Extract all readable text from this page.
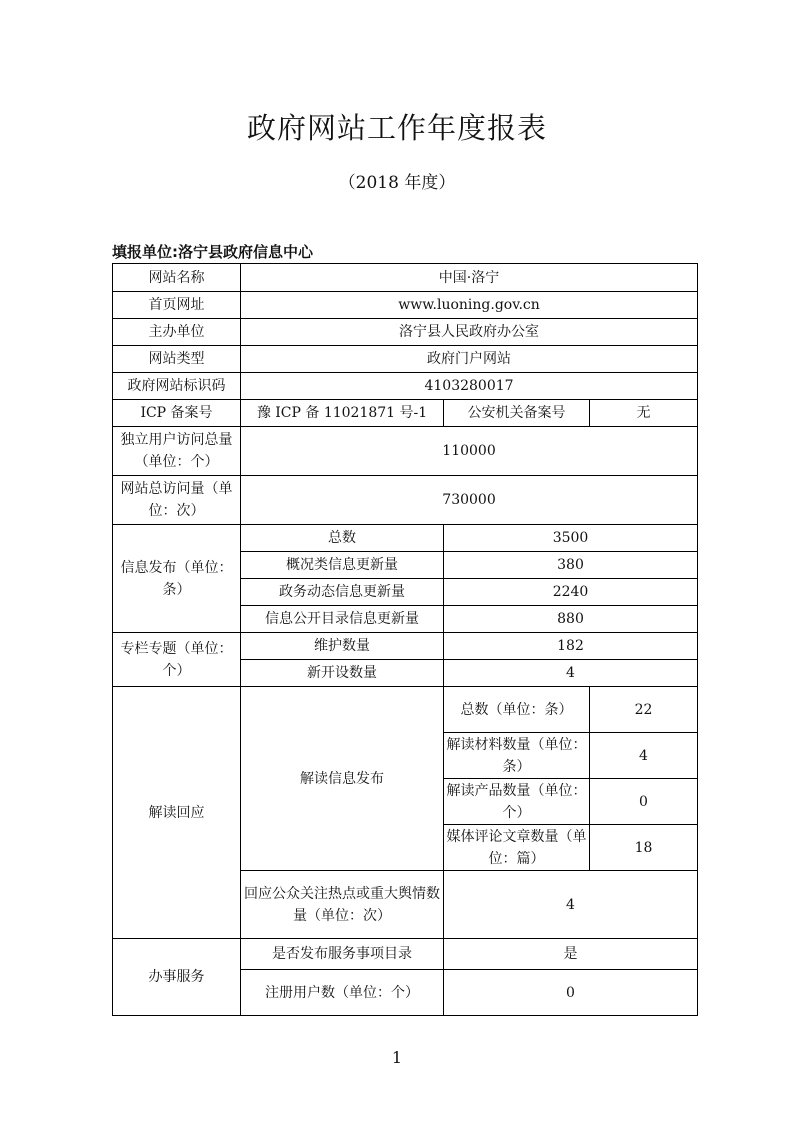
政府网站工作年度报表
（2018 年度）
填报单位:洛宁县政府信息中心
网站名称	中国·洛宁		
首页网址	www.luoning.gov.cn		
主办单位	洛宁县人民政府办公室		
网站类型	政府门户网站		
政府网站标识码	4103280017		
ICP 备案号	豫 ICP 备 11021871 号-1	公安机关备案号	无
独立用户访问总量（单位：个）	110000		
网站总访问量（单位：次）	730000		
信息发布（单位：条）	总数	3500	
	概况类信息更新量	380	
	政务动态信息更新量	2240	
	信息公开目录信息更新量	880	
专栏专题（单位：个）	维护数量	182	
	新开设数量	4	
解读回应	解读信息发布	总数（单位：条）	22
		解读材料数量（单位：条）	4
		解读产品数量（单位：个）	0
		媒体评论文章数量（单位：篇）	18
	回应公众关注热点或重大舆情数量（单位：次）	4	
办事服务	是否发布服务事项目录	是	
	注册用户数（单位：个）	0	
1
